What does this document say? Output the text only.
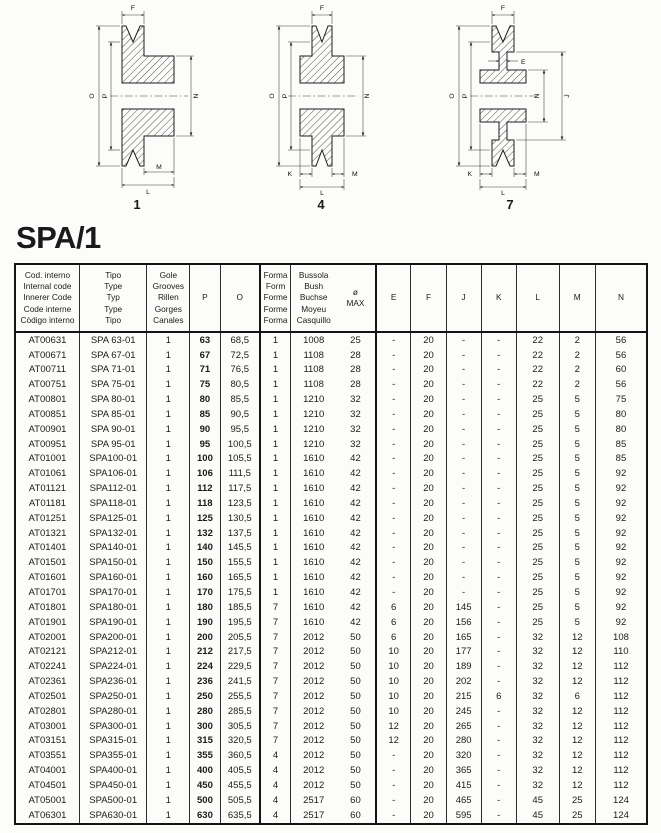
F
O P	N
M
L
1
F
O P	N
K	M
L
4
F
E
O P	N	J
K	M
L
7
SPA/1
Cod. interno
Internal code
Innerer Code
Code interne
Còdigo interno	Tipo
Type
Typ
Type
Tipo	Gole
Grooves
Rillen
Gorges
Canales	P	O	Forma
Form
Forme
Forme
Forma	Bussola
Bush
Buchse
Moyeu
Casquillo	ø
MAX	E	F	J	K	L	M	N
AT00631	SPA 63-01	1	63	68,5	1	1008	25	-	20	-	-	22	2	56
AT00671	SPA 67-01	1	67	72,5	1	1108	28	-	20	-	-	22	2	56
AT00711	SPA 71-01	1	71	76,5	1	1108	28	-	20	-	-	22	2	60
AT00751	SPA 75-01	1	75	80,5	1	1108	28	-	20	-	-	22	2	56
AT00801	SPA 80-01	1	80	85,5	1	1210	32	-	20	-	-	25	5	75
AT00851	SPA 85-01	1	85	90,5	1	1210	32	-	20	-	-	25	5	80
AT00901	SPA 90-01	1	90	95,5	1	1210	32	-	20	-	-	25	5	80
AT00951	SPA 95-01	1	95	100,5	1	1210	32	-	20	-	-	25	5	85
AT01001	SPA100-01	1	100	105,5	1	1610	42	-	20	-	-	25	5	85
AT01061	SPA106-01	1	106	111,5	1	1610	42	-	20	-	-	25	5	92
AT01121	SPA112-01	1	112	117,5	1	1610	42	-	20	-	-	25	5	92
AT01181	SPA118-01	1	118	123,5	1	1610	42	-	20	-	-	25	5	92
AT01251	SPA125-01	1	125	130,5	1	1610	42	-	20	-	-	25	5	92
AT01321	SPA132-01	1	132	137,5	1	1610	42	-	20	-	-	25	5	92
AT01401	SPA140-01	1	140	145,5	1	1610	42	-	20	-	-	25	5	92
AT01501	SPA150-01	1	150	155,5	1	1610	42	-	20	-	-	25	5	92
AT01601	SPA160-01	1	160	165,5	1	1610	42	-	20	-	-	25	5	92
AT01701	SPA170-01	1	170	175,5	1	1610	42	-	20	-	-	25	5	92
AT01801	SPA180-01	1	180	185,5	7	1610	42	6	20	145	-	25	5	92
AT01901	SPA190-01	1	190	195,5	7	1610	42	6	20	156	-	25	5	92
AT02001	SPA200-01	1	200	205,5	7	2012	50	6	20	165	-	32	12	108
AT02121	SPA212-01	1	212	217,5	7	2012	50	10	20	177	-	32	12	110
AT02241	SPA224-01	1	224	229,5	7	2012	50	10	20	189	-	32	12	112
AT02361	SPA236-01	1	236	241,5	7	2012	50	10	20	202	-	32	12	112
AT02501	SPA250-01	1	250	255,5	7	2012	50	10	20	215	6	32	6	112
AT02801	SPA280-01	1	280	285,5	7	2012	50	10	20	245	-	32	12	112
AT03001	SPA300-01	1	300	305,5	7	2012	50	12	20	265	-	32	12	112
AT03151	SPA315-01	1	315	320,5	7	2012	50	12	20	280	-	32	12	112
AT03551	SPA355-01	1	355	360,5	4	2012	50	-	20	320	-	32	12	112
AT04001	SPA400-01	1	400	405,5	4	2012	50	-	20	365	-	32	12	112
AT04501	SPA450-01	1	450	455,5	4	2012	50	-	20	415	-	32	12	112
AT05001	SPA500-01	1	500	505,5	4	2517	60	-	20	465	-	45	25	124
AT06301	SPA630-01	1	630	635,5	4	2517	60	-	20	595	-	45	25	124
